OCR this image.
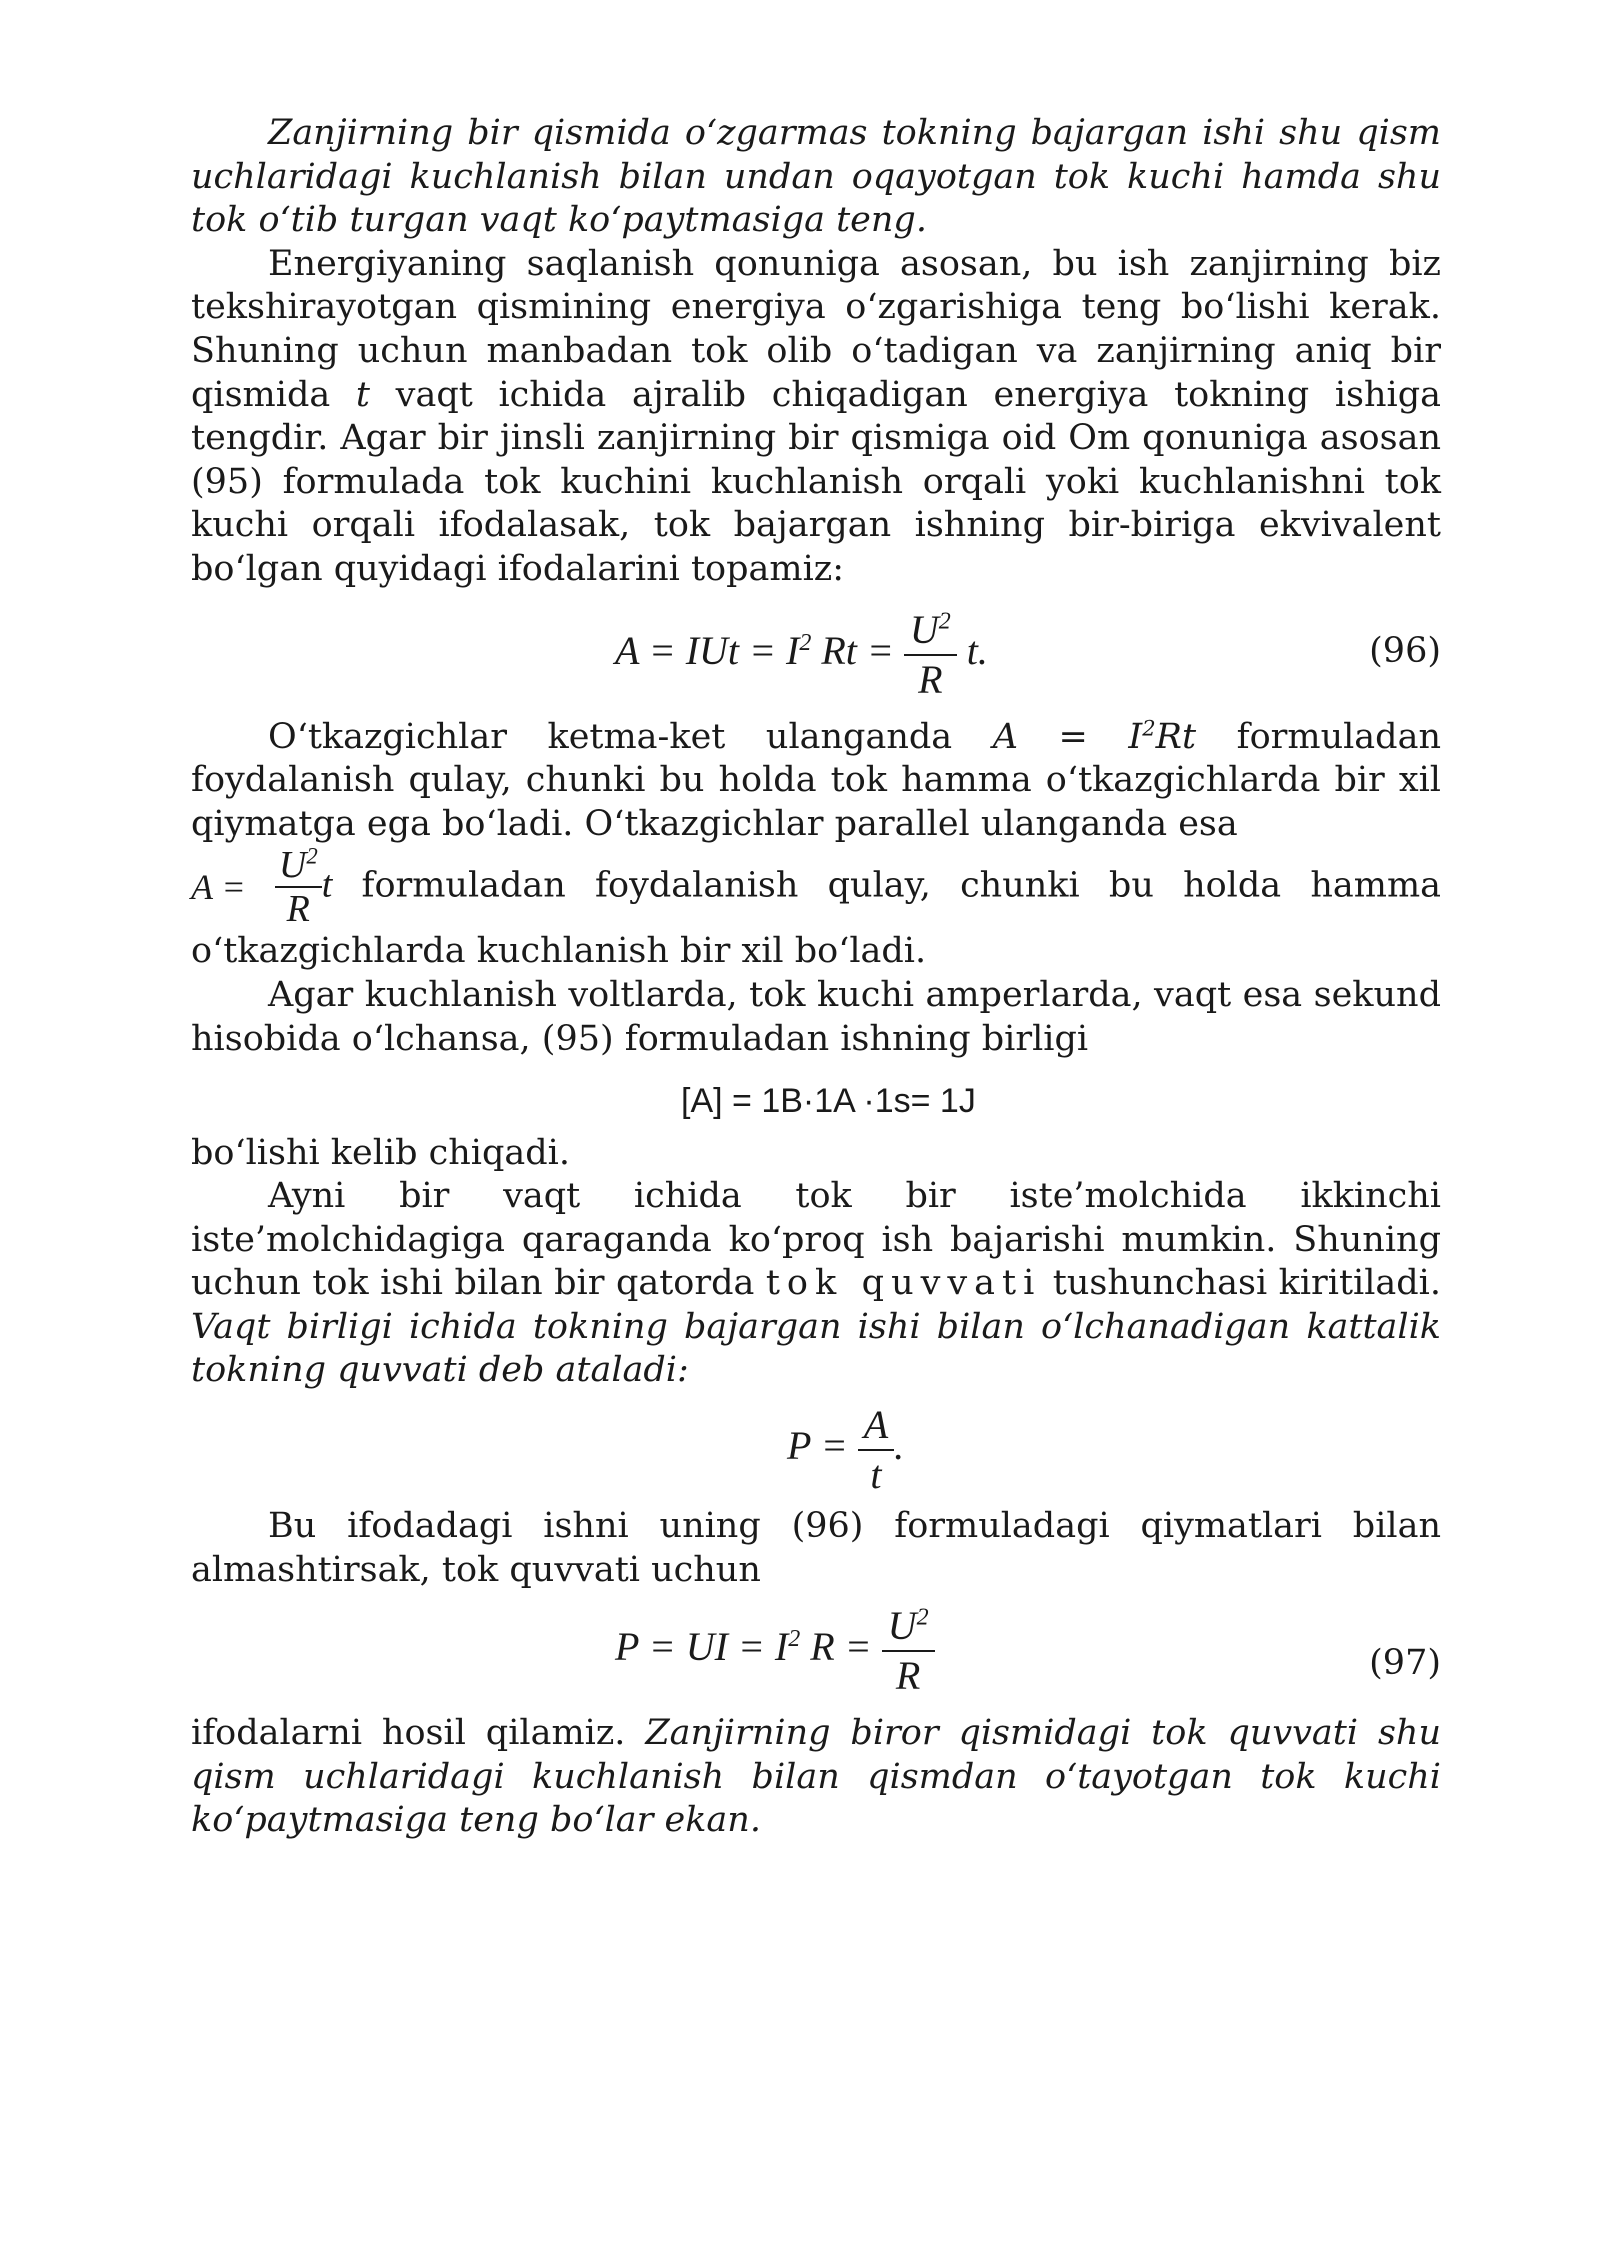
Zanjirning bir qismida o‘zgarmas tokning bajargan ishi shu qism uchlaridagi kuchlanish bilan undan oqayotgan tok kuchi hamda shu tok o‘tib turgan vaqt ko‘paytmasiga teng.

Energiyaning saqlanish qonuniga asosan, bu ish zanjirning biz tekshirayotgan qismining energiya o‘zgarishiga teng bo‘lishi kerak. Shuning uchun manbadan tok olib o‘tadigan va zanjirning aniq bir qismida t vaqt ichida ajralib chiqadigan energiya tokning ishiga tengdir. Agar bir jinsli zanjirning bir qismiga oid Om qonuniga asosan (95) formulada tok kuchini kuchlanish orqali yoki kuchlanishni tok kuchi orqali ifodalasak, tok bajargan ishning bir-biriga ekvivalent bo‘lgan quyidagi ifodalarini topamiz:

A = IUt = $I^2$ $Rt = \frac{U^2}{R} t$.	(96)

O‘tkazgichlar ketma-ket ulanganda $A = I^2Rt$ formuladan foydalanish qulay, chunki bu holda tok hamma o‘tkazgichlarda bir xil qiymatga ega bo‘ladi. O‘tkazgichlar parallel ulanganda esa

$A = \frac{U^2}{R}$ t formuladan foydalanish qulay, chunki bu holda hamma o‘tkazgichlarda kuchlanish bir xil bo‘ladi.

Agar kuchlanish voltlarda, tok kuchi amperlarda, vaqt esa sekund hisobida o‘lchansa, (95) formuladan ishning birligi

[A] = 1B·1A ·1s= 1J

bo‘lishi kelib chiqadi.

Ayni bir vaqt ichida tok bir iste’molchida ikkinchi iste’molchidagiga qaraganda ko‘proq ish bajarishi mumkin. Shuning uchun tok ishi bilan bir qatorda tok quvvati tushunchasi kiritiladi. Vaqt birligi ichida tokning bajargan ishi bilan o‘lchanadigan kattalik tokning quvvati deb ataladi:

$P = \frac{A}{t}$ .

Bu ifodadagi ishni uning (96) formuladagi qiymatlari bilan almashtirsak, tok quvvati uchun

P = UI = $I^2$ $R = \frac{U^2}{R}$	(97)

ifodalarni hosil qilamiz. Zanjirning biror qismidagi tok quvvati shu qism uchlaridagi kuchlanish bilan qismdan o‘tayotgan tok kuchi ko‘paytmasiga teng bo‘lar ekan.
